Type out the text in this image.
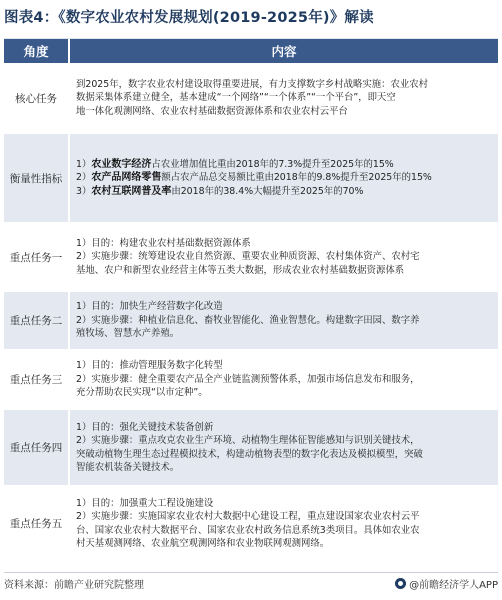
图表4：《数字农业农村发展规划(2019-2025年)》解读
角度	内容
核心任务
到2025年，数字农业农村建设取得重要进展，有力支撑数字乡村战略实施：农业农村
数据采集体系建立健全，基本建成“一个网络”“一个体系”“一个平台”，即天空
地一体化观测网络、农业农村基础数据资源体系和农业农村云平台
衡量性指标
1）农业数字经济占农业增加值比重由2018年的7.3%提升至2025年的15%
2）农产品网络零售额占农产品总交易额比重由2018年的9.8%提升至2025年的15%
3）农村互联网普及率由2018年的38.4%大幅提升至2025年的70%
重点任务一
1）目的：构建农业农村基础数据资源体系
2）实施步骤：统筹建设农业自然资源、重要农业种质资源、农村集体资产、农村宅
基地、农户和新型农业经营主体等五类大数据，形成农业农村基础数据资源体系
重点任务二
1）目的：加快生产经营数字化改造
2）实施步骤：种植业信息化、畜牧业智能化、渔业智慧化。构建数字田园、数字养
殖牧场、智慧水产养殖。
重点任务三
1）目的：推动管理服务数字化转型
2）实施步骤：健全重要农产品全产业链监测预警体系，加强市场信息发布和服务，
充分帮助农民实现“以市定种”。
重点任务四
1）目的：强化关键技术装备创新
2）实施步骤：重点攻克农业生产环境、动植物生理体征智能感知与识别关键技术，
突破动植物生理生态过程模拟技术，构建动植物表型的数字化表达及模拟模型，突破
智能农机装备关键技术。
重点任务五
1）目的：加强重大工程设施建设
2）实施步骤：实施国家农业农村大数据中心建设工程，重点建设国家农业农村云平
台、国家农业农村大数据平台、国家农业农村政务信息系统3类项目。具体如农业农
村天基观测网络、农业航空观测网络和农业物联网观测网络。
资料来源：前瞻产业研究院整理	@前瞻经济学人APP
